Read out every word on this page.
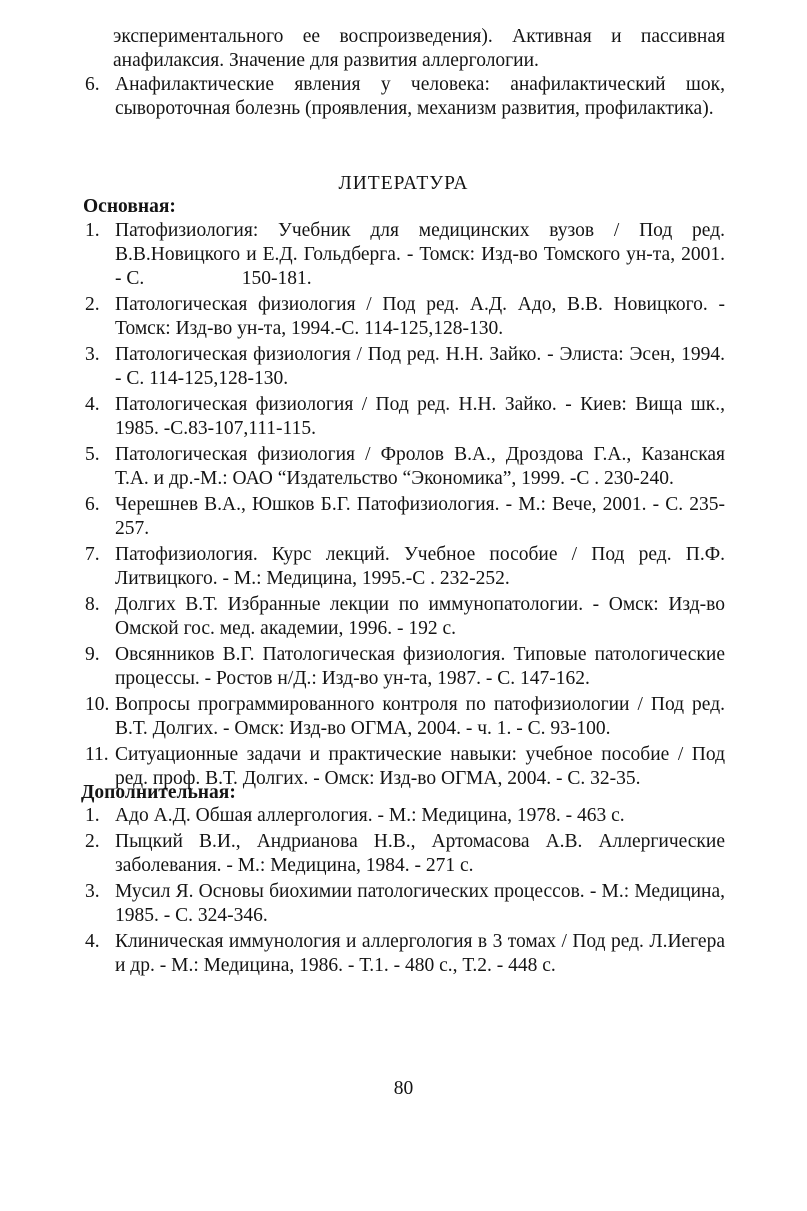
экспериментального ее воспроизведения). Активная и пассивная анафилаксия. Значение для развития аллергологии.
6. Анафилактические явления у человека: анафилактический шок, сывороточная болезнь (проявления, механизм развития, профилактика).
ЛИТЕРАТУРА
Основная:
1. Патофизиология: Учебник для медицинских вузов / Под ред. В.В.Новицкого и Е.Д. Гольдберга. - Томск: Изд-во Томского ун-та, 2001. - С.                    150-181.
2. Патологическая физиология / Под ред. А.Д. Адо, В.В. Новицкого. - Томск: Изд-во ун-та, 1994.-С. 114-125,128-130.
3. Патологическая физиология / Под ред. Н.Н. Зайко. - Элиста: Эсен, 1994. - С. 114-125,128-130.
4. Патологическая физиология / Под ред. Н.Н. Зайко. - Киев: Вища шк., 1985. -С.83-107,111-115.
5. Патологическая физиология / Фролов В.А., Дроздова Г.А., Казанская Т.А. и др.-М.: ОАО “Издательство “Экономика”, 1999. -С . 230-240.
6. Черешнев В.А., Юшков Б.Г. Патофизиология. - М.: Вече, 2001. - С. 235-257.
7. Патофизиология. Курс лекций. Учебное пособие / Под ред. П.Ф. Литвицкого. - М.: Медицина, 1995.-С . 232-252.
8. Долгих В.Т. Избранные лекции по иммунопатологии. - Омск: Изд-во Омской гос. мед. академии, 1996. - 192 с.
9. Овсянников В.Г. Патологическая физиология. Типовые патологические процессы. - Ростов н/Д.: Изд-во ун-та, 1987. - С. 147-162.
10. Вопросы программированного контроля по патофизиологии / Под ред. В.Т. Долгих. - Омск: Изд-во ОГМА, 2004. - ч. 1. - С. 93-100.
11. Ситуационные задачи и практические навыки: учебное пособие / Под ред. проф. В.Т. Долгих. - Омск: Изд-во ОГМА, 2004. - С. 32-35.
Дополнительная:
1. Адо А.Д. Обшая аллергология. - М.: Медицина, 1978. - 463 с.
2. Пыцкий В.И., Андрианова Н.В., Артомасова А.В. Аллергические заболевания. - М.: Медицина, 1984. - 271 с.
3. Мусил Я. Основы биохимии патологических процессов. - М.: Медицина, 1985. - С. 324-346.
4. Клиническая иммунология и аллергология в 3 томах / Под ред. Л.Иегера и др. - М.: Медицина, 1986. - Т.1. - 480 с., Т.2. - 448 с.
80
